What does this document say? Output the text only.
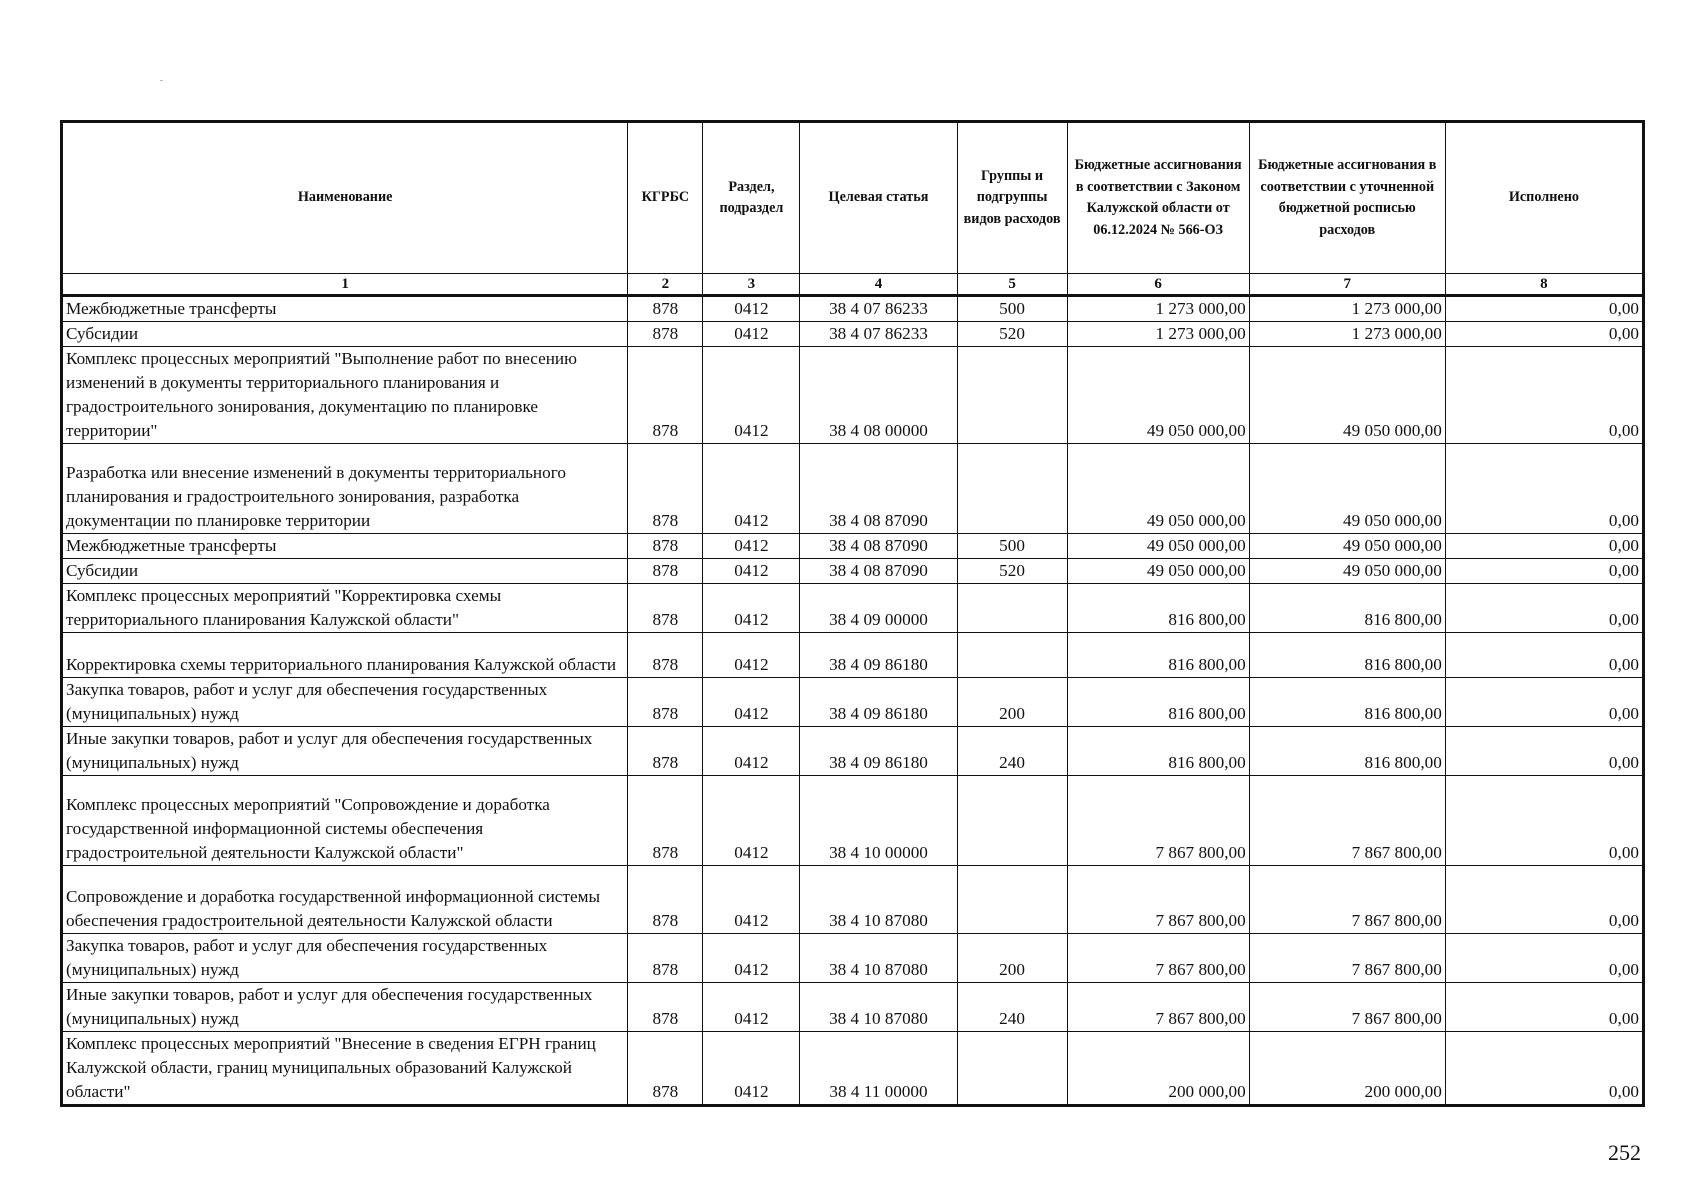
Наименование	КГРБС	Раздел, подраздел	Целевая статья	Группы и подгруппы видов расходов	Бюджетные ассигнования в соответствии с Законом Калужской области от 06.12.2024 № 566-ОЗ	Бюджетные ассигнования в соответствии с уточненной бюджетной росписью расходов	Исполнено
1	2	3	4	5	6	7	8
Межбюджетные трансферты	878	0412	38 4 07 86233	500	1 273 000,00	1 273 000,00	0,00
Субсидии	878	0412	38 4 07 86233	520	1 273 000,00	1 273 000,00	0,00
Комплекс процессных мероприятий "Выполнение работ по внесению изменений в документы территориального планирования и градостроительного зонирования, документацию по планировке территории"	878	0412	38 4 08 00000		49 050 000,00	49 050 000,00	0,00
Разработка или внесение изменений в документы территориального планирования и градостроительного зонирования, разработка документации по планировке территории	878	0412	38 4 08 87090		49 050 000,00	49 050 000,00	0,00
Межбюджетные трансферты	878	0412	38 4 08 87090	500	49 050 000,00	49 050 000,00	0,00
Субсидии	878	0412	38 4 08 87090	520	49 050 000,00	49 050 000,00	0,00
Комплекс процессных мероприятий "Корректировка схемы территориального планирования Калужской области"	878	0412	38 4 09 00000		816 800,00	816 800,00	0,00
Корректировка схемы территориального планирования Калужской области	878	0412	38 4 09 86180		816 800,00	816 800,00	0,00
Закупка товаров, работ и услуг для обеспечения государственных (муниципальных) нужд	878	0412	38 4 09 86180	200	816 800,00	816 800,00	0,00
Иные закупки товаров, работ и услуг для обеспечения государственных (муниципальных) нужд	878	0412	38 4 09 86180	240	816 800,00	816 800,00	0,00
Комплекс процессных мероприятий "Сопровождение и доработка государственной информационной системы обеспечения градостроительной деятельности Калужской области"	878	0412	38 4 10 00000		7 867 800,00	7 867 800,00	0,00
Сопровождение и доработка государственной информационной системы обеспечения градостроительной деятельности Калужской области	878	0412	38 4 10 87080		7 867 800,00	7 867 800,00	0,00
Закупка товаров, работ и услуг для обеспечения государственных (муниципальных) нужд	878	0412	38 4 10 87080	200	7 867 800,00	7 867 800,00	0,00
Иные закупки товаров, работ и услуг для обеспечения государственных (муниципальных) нужд	878	0412	38 4 10 87080	240	7 867 800,00	7 867 800,00	0,00
Комплекс процессных мероприятий "Внесение в сведения ЕГРН границ Калужской области, границ муниципальных образований Калужской области"	878	0412	38 4 11 00000		200 000,00	200 000,00	0,00
252
